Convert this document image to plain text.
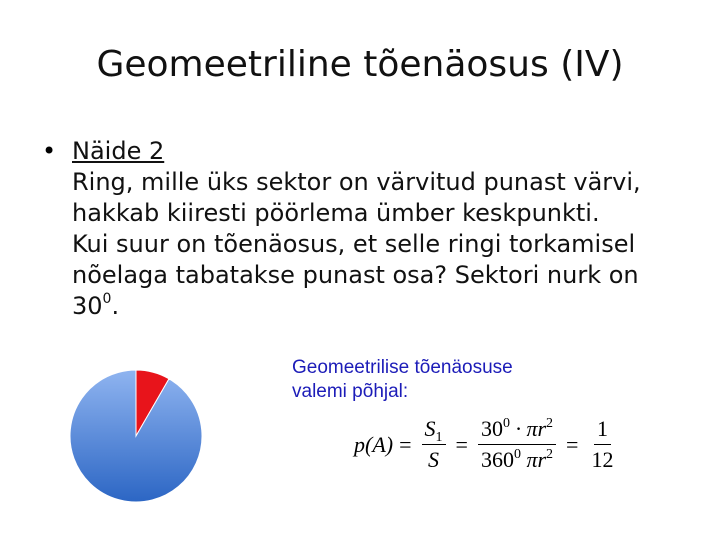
Geomeetriline tõenäosus (IV)
• Näide 2
Ring, mille üks sektor on värvitud punast värvi,
hakkab kiiresti pöörlema ümber keskpunkti.
Kui suur on tõenäosus, et selle ringi torkamisel
nõelaga tabatakse punast osa? Sektori nurk on
$30^0$.
Geomeetrilise tõenäosuse
valemi põhjal:
$p(A) = \frac{S_1}{S} = \frac{30^0 \cdot \pi r^2}{360^0 \pi r^2} = \frac{1}{12}$
